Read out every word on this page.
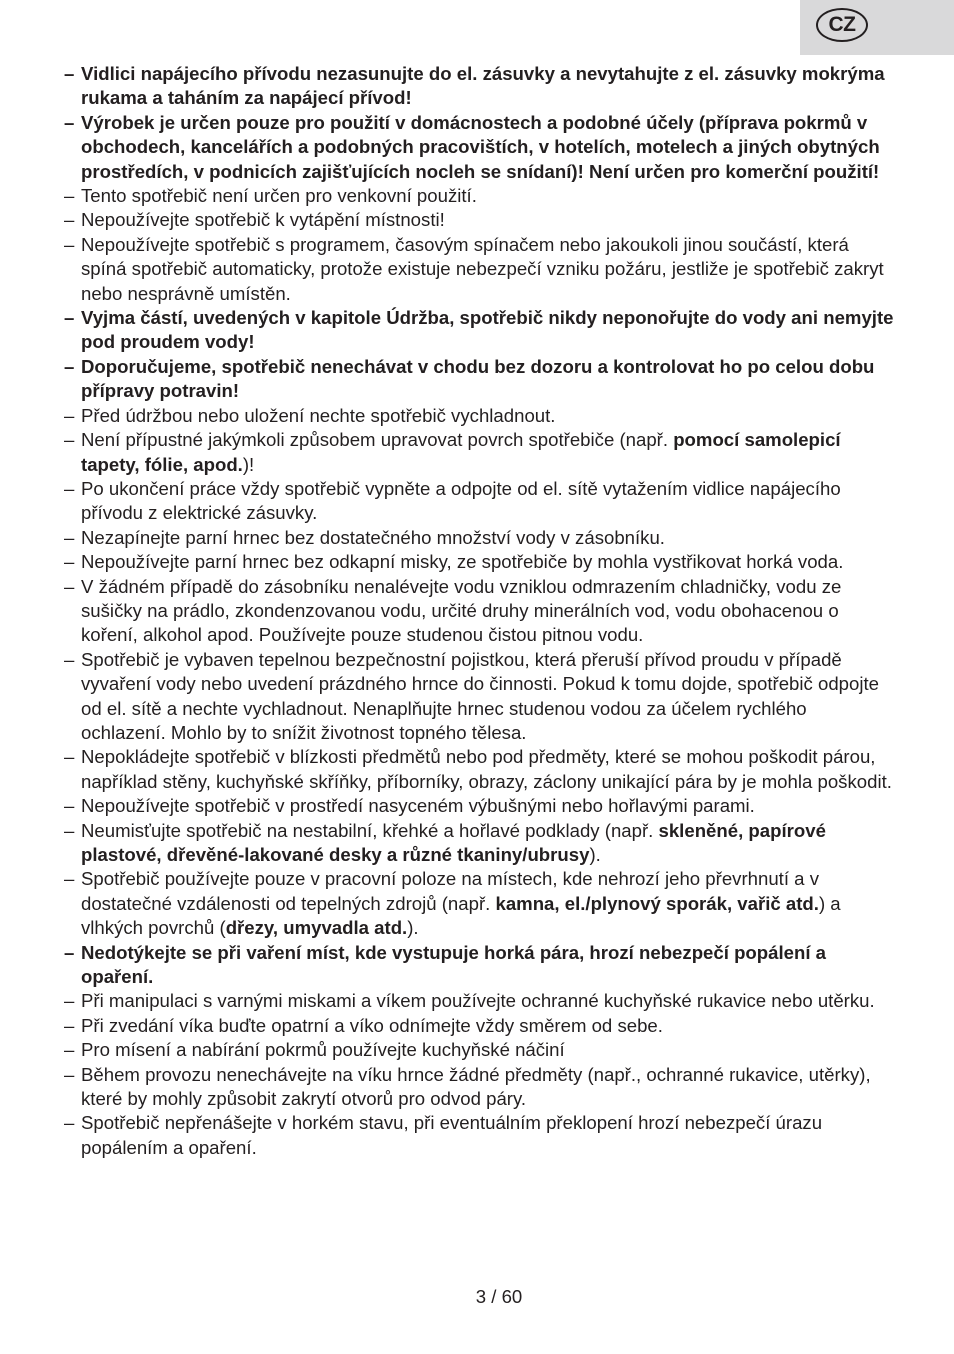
CZ
– Vidlici napájecího přívodu nezasunujte do el. zásuvky a nevytahujte z el. zásuvky mokrýma rukama a taháním za napájecí přívod!
– Výrobek je určen pouze pro použití v domácnostech a podobné účely (příprava pokrmů v obchodech, kancelářích a podobných pracovištích, v hotelích, motelech a jiných obytných prostředích, v podnicích zajišťujících nocleh se snídaní)! Není určen pro komerční použití!
– Tento spotřebič není určen pro venkovní použití.
– Nepoužívejte spotřebič k vytápění místnosti!
– Nepoužívejte spotřebič s programem, časovým spínačem nebo jakoukoli jinou součástí, která spíná spotřebič automaticky, protože existuje nebezpečí vzniku požáru, jestliže je spotřebič zakryt nebo nesprávně umístěn.
– Vyjma částí, uvedených v kapitole Údržba, spotřebič nikdy neponořujte do vody ani nemyjte pod proudem vody!
– Doporučujeme, spotřebič nenechávat v chodu bez dozoru a kontrolovat ho po celou dobu přípravy potravin!
– Před údržbou nebo uložení nechte spotřebič vychladnout.
– Není přípustné jakýmkoli způsobem upravovat povrch spotřebiče (např. pomocí samolepicí tapety, fólie, apod.)!
– Po ukončení práce vždy spotřebič vypněte a odpojte od el. sítě vytažením vidlice napájecího přívodu z elektrické zásuvky.
– Nezapínejte parní hrnec bez dostatečného množství vody v zásobníku.
– Nepoužívejte parní hrnec bez odkapní misky, ze spotřebiče by mohla vystřikovat horká voda.
– V žádném případě do zásobníku nenalévejte vodu vzniklou odmrazením chladničky, vodu ze sušičky na prádlo, zkondenzovanou vodu, určité druhy minerálních vod, vodu obohacenou o koření, alkohol apod. Používejte pouze studenou čistou pitnou vodu.
– Spotřebič je vybaven tepelnou bezpečnostní pojistkou, která přeruší přívod proudu v případě vyvaření vody nebo uvedení prázdného hrnce do činnosti. Pokud k tomu dojde, spotřebič odpojte od el. sítě a nechte vychladnout. Nenaplňujte hrnec studenou vodou za účelem rychlého ochlazení. Mohlo by to snížit životnost topného tělesa.
– Nepokládejte spotřebič v blízkosti předmětů nebo pod předměty, které se mohou poškodit párou, například stěny, kuchyňské skříňky, příborníky, obrazy, záclony unikající pára by je mohla poškodit.
– Nepoužívejte spotřebič v prostředí nasyceném výbušnými nebo hořlavými parami.
– Neumisťujte spotřebič na nestabilní, křehké a hořlavé podklady (např. skleněné, papírové plastové, dřevěné-lakované desky a různé tkaniny/ubrusy).
– Spotřebič používejte pouze v pracovní poloze na místech, kde nehrozí jeho převrhnutí a v dostatečné vzdálenosti od tepelných zdrojů (např. kamna, el./plynový sporák, vařič atd.) a vlhkých povrchů (dřezy, umyvadla atd.).
– Nedotýkejte se při vaření míst, kde vystupuje horká pára, hrozí nebezpečí popálení a opaření.
– Při manipulaci s varnými miskami a víkem používejte ochranné kuchyňské rukavice nebo utěrku.
– Při zvedání víka buďte opatrní a víko odnímejte vždy směrem od sebe.
– Pro mísení a nabírání pokrmů používejte kuchyňské náčiní
– Během provozu nenechávejte na víku hrnce žádné předměty (např., ochranné rukavice, utěrky), které by mohly způsobit zakrytí otvorů pro odvod páry.
– Spotřebič nepřenášejte v horkém stavu, při eventuálním překlopení hrozí nebezpečí úrazu popálením a opaření.
3 / 60
